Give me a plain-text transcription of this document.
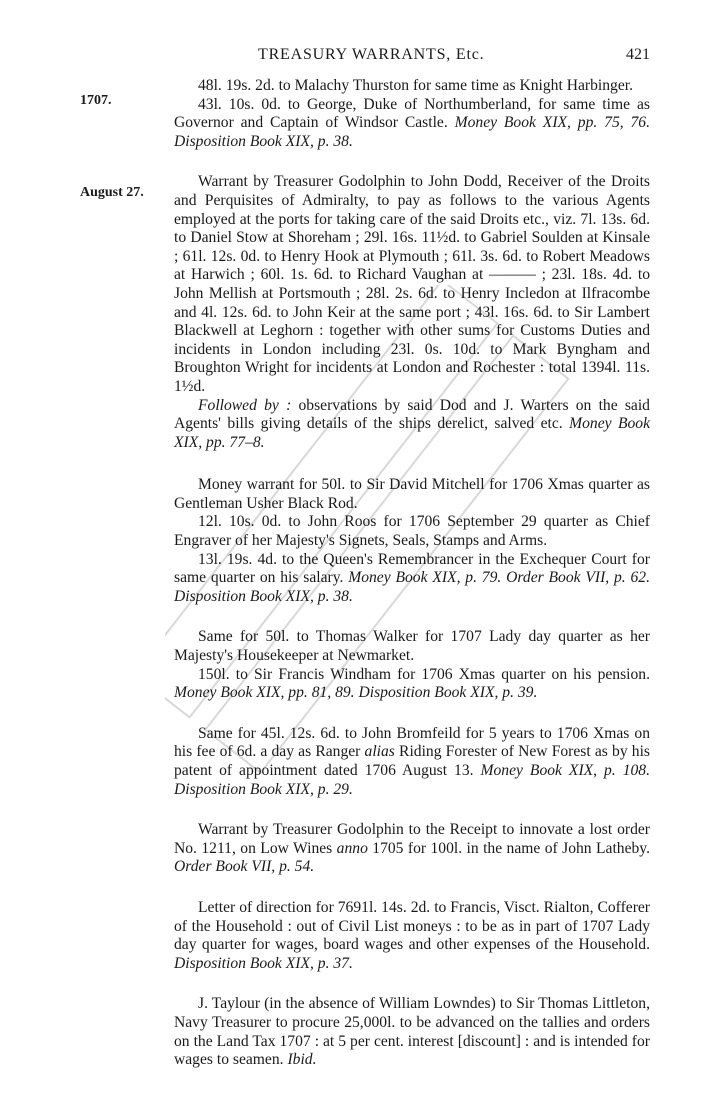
TREASURY WARRANTS, Etc.	421
1707.
August 27.

48l. 19s. 2d. to Malachy Thurston for same time as Knight Harbinger.

43l. 10s. 0d. to George, Duke of Northumberland, for same time as Governor and Captain of Windsor Castle. Money Book XIX, pp. 75, 76. Disposition Book XIX, p. 38.

Warrant by Treasurer Godolphin to John Dodd, Receiver of the Droits and Perquisites of Admiralty, to pay as follows to the various Agents employed at the ports for taking care of the said Droits etc., viz. 7l. 13s. 6d. to Daniel Stow at Shoreham ; 29l. 16s. 11½d. to Gabriel Soulden at Kinsale ; 61l. 12s. 0d. to Henry Hook at Plymouth ; 61l. 3s. 6d. to Robert Meadows at Harwich ; 60l. 1s. 6d. to Richard Vaughan at ——— ; 23l. 18s. 4d. to John Mellish at Portsmouth ; 28l. 2s. 6d. to Henry Incledon at Ilfracombe and 4l. 12s. 6d. to John Keir at the same port ; 43l. 16s. 6d. to Sir Lambert Blackwell at Leghorn : together with other sums for Customs Duties and incidents in London including 23l. 0s. 10d. to Mark Byngham and Broughton Wright for incidents at London and Rochester : total 1394l. 11s. 1½d.

Followed by : observations by said Dod and J. Warters on the said Agents' bills giving details of the ships derelict, salved etc. Money Book XIX, pp. 77–8.

Money warrant for 50l. to Sir David Mitchell for 1706 Xmas quarter as Gentleman Usher Black Rod.

12l. 10s. 0d. to John Roos for 1706 September 29 quarter as Chief Engraver of her Majesty's Signets, Seals, Stamps and Arms.

13l. 19s. 4d. to the Queen's Remembrancer in the Exchequer Court for same quarter on his salary. Money Book XIX, p. 79. Order Book VII, p. 62. Disposition Book XIX, p. 38.

Same for 50l. to Thomas Walker for 1707 Lady day quarter as her Majesty's Housekeeper at Newmarket.

150l. to Sir Francis Windham for 1706 Xmas quarter on his pension. Money Book XIX, pp. 81, 89. Disposition Book XIX, p. 39.

Same for 45l. 12s. 6d. to John Bromfeild for 5 years to 1706 Xmas on his fee of 6d. a day as Ranger alias Riding Forester of New Forest as by his patent of appointment dated 1706 August 13. Money Book XIX, p. 108. Disposition Book XIX, p. 29.

Warrant by Treasurer Godolphin to the Receipt to innovate a lost order No. 1211, on Low Wines anno 1705 for 100l. in the name of John Latheby. Order Book VII, p. 54.

Letter of direction for 7691l. 14s. 2d. to Francis, Visct. Rialton, Cofferer of the Household : out of Civil List moneys : to be as in part of 1707 Lady day quarter for wages, board wages and other expenses of the Household. Disposition Book XIX, p. 37.

J. Taylour (in the absence of William Lowndes) to Sir Thomas Littleton, Navy Treasurer to procure 25,000l. to be advanced on the tallies and orders on the Land Tax 1707 : at 5 per cent. interest [discount] : and is intended for wages to seamen. Ibid.
